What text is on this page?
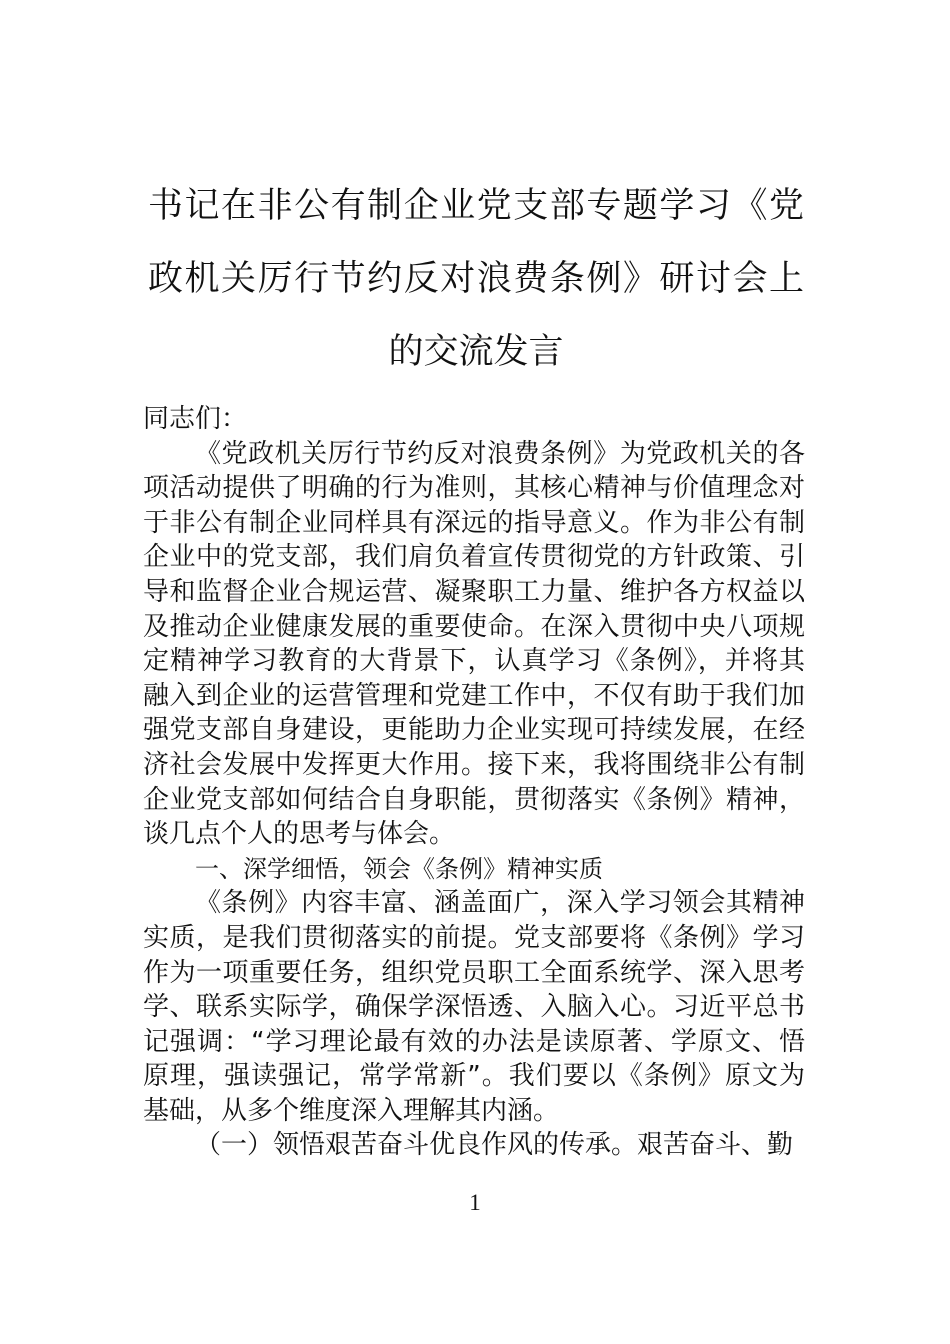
书记在非公有制企业党支部专题学习《党政机关厉行节约反对浪费条例》研讨会上的交流发言

同志们：

《党政机关厉行节约反对浪费条例》为党政机关的各项活动提供了明确的行为准则，其核心精神与价值理念对于非公有制企业同样具有深远的指导意义。作为非公有制企业中的党支部，我们肩负着宣传贯彻党的方针政策、引导和监督企业合规运营、凝聚职工力量、维护各方权益以及推动企业健康发展的重要使命。在深入贯彻中央八项规定精神学习教育的大背景下，认真学习《条例》，并将其融入到企业的运营管理和党建工作中，不仅有助于我们加强党支部自身建设，更能助力企业实现可持续发展，在经济社会发展中发挥更大作用。接下来，我将围绕非公有制企业党支部如何结合自身职能，贯彻落实《条例》精神，谈几点个人的思考与体会。

一、深学细悟，领会《条例》精神实质

《条例》内容丰富、涵盖面广，深入学习领会其精神实质，是我们贯彻落实的前提。党支部要将《条例》学习作为一项重要任务，组织党员职工全面系统学、深入思考学、联系实际学，确保学深悟透、入脑入心。习近平总书记强调：“学习理论最有效的办法是读原著、学原文、悟原理，强读强记，常学常新”。我们要以《条例》原文为基础，从多个维度深入理解其内涵。

（一）领悟艰苦奋斗优良作风的传承。艰苦奋斗、勤

1
